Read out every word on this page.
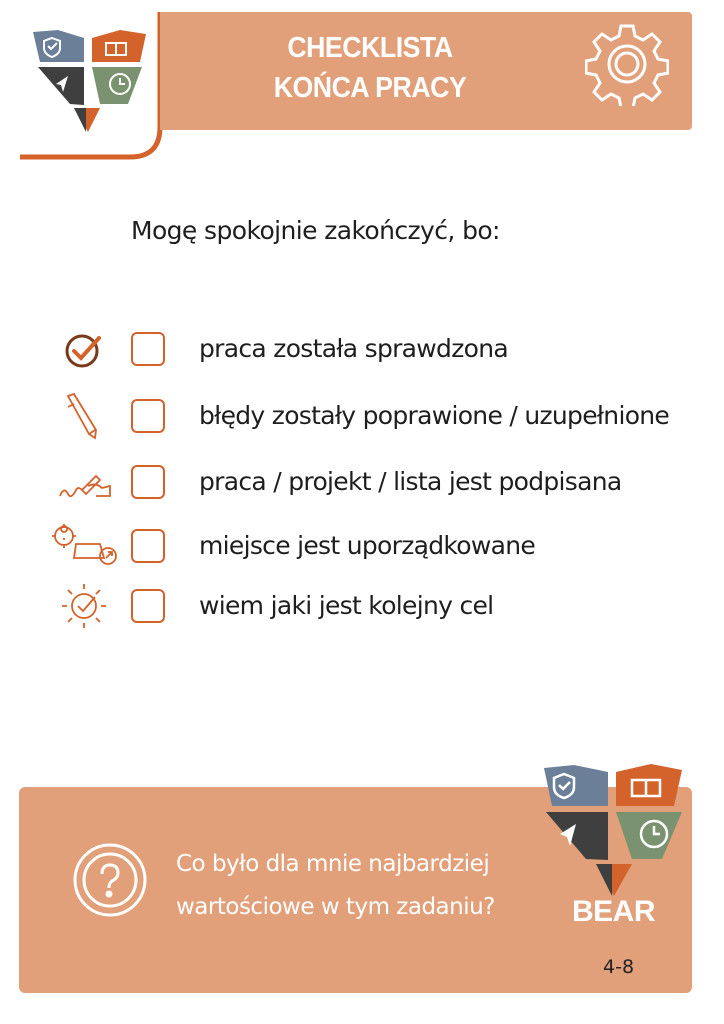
CHECKLISTA
KOŃCA PRACY
Mogę spokojnie zakończyć, bo:
praca została sprawdzona
błędy zostały poprawione / uzupełnione
praca / projekt / lista jest podpisana
miejsce jest uporządkowane
wiem jaki jest kolejny cel
Co było dla mnie najbardziej
wartościowe w tym zadaniu?	BEAR
4-8
